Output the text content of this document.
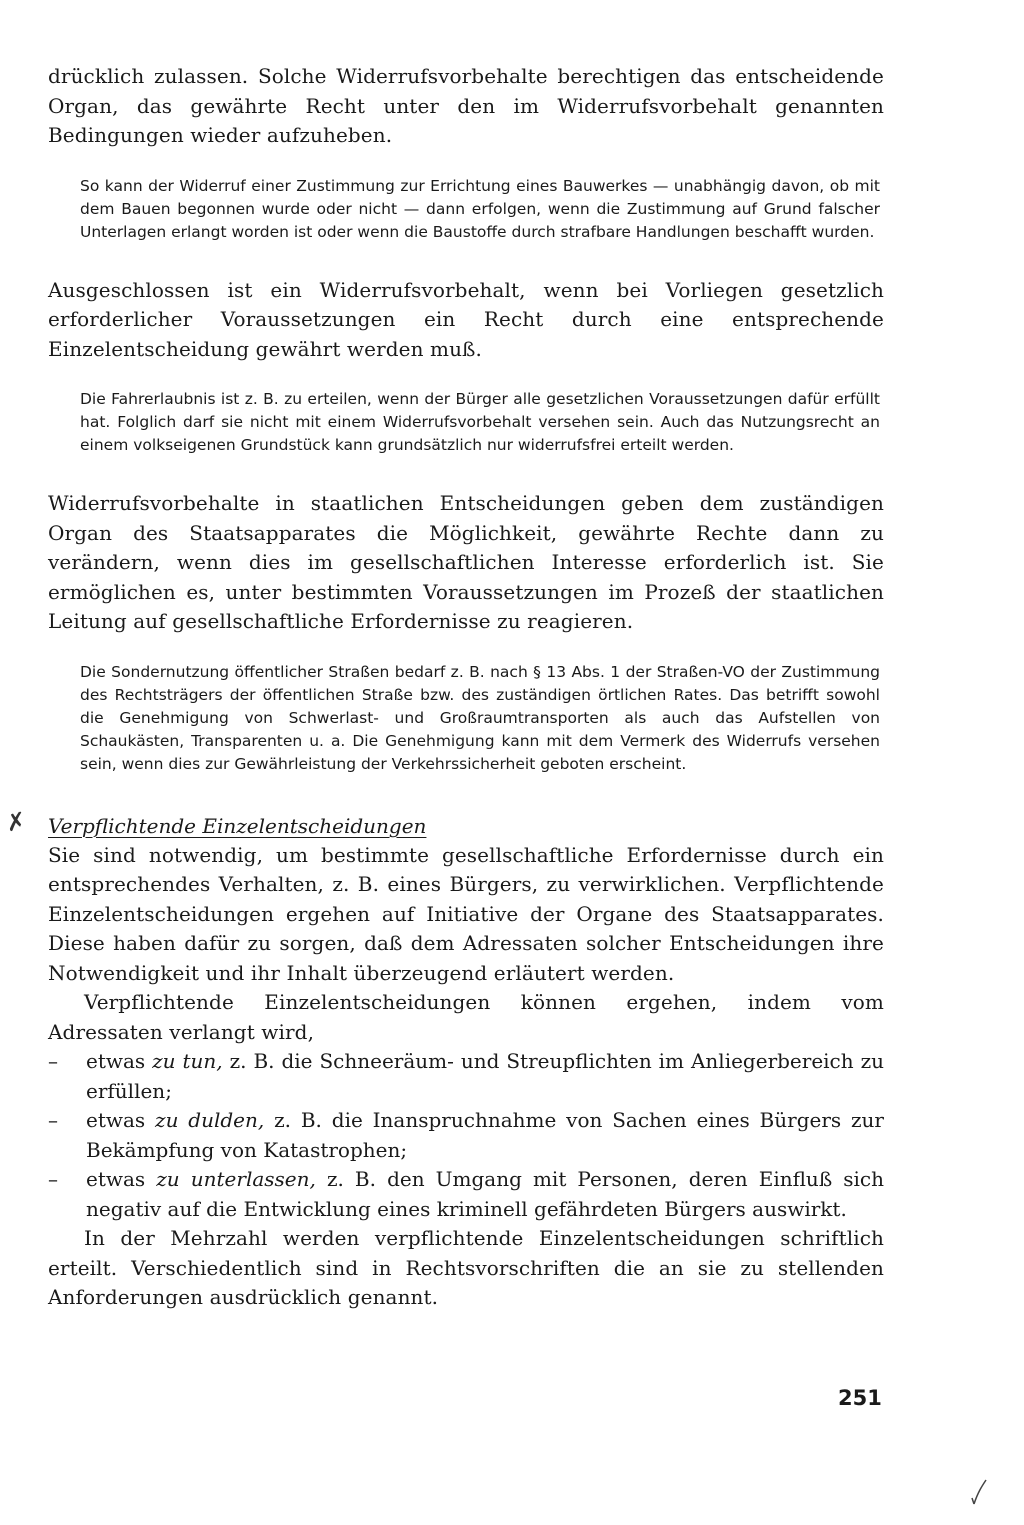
drücklich zulassen. Solche Widerrufsvorbehalte berechtigen das entscheidende Organ, das gewährte Recht unter den im Widerrufsvorbehalt genannten Bedingungen wieder aufzuheben.

So kann der Widerruf einer Zustimmung zur Errichtung eines Bauwerkes — unabhängig davon, ob mit dem Bauen begonnen wurde oder nicht — dann erfolgen, wenn die Zustimmung auf Grund falscher Unterlagen erlangt worden ist oder wenn die Baustoffe durch strafbare Handlungen beschafft wurden.

Ausgeschlossen ist ein Widerrufsvorbehalt, wenn bei Vorliegen gesetzlich erforderlicher Voraussetzungen ein Recht durch eine entsprechende Einzelentscheidung gewährt werden muß.

Die Fahrerlaubnis ist z. B. zu erteilen, wenn der Bürger alle gesetzlichen Voraussetzungen dafür erfüllt hat. Folglich darf sie nicht mit einem Widerrufsvorbehalt versehen sein. Auch das Nutzungsrecht an einem volkseigenen Grundstück kann grundsätzlich nur widerrufsfrei erteilt werden.

Widerrufsvorbehalte in staatlichen Entscheidungen geben dem zuständigen Organ des Staatsapparates die Möglichkeit, gewährte Rechte dann zu verändern, wenn dies im gesellschaftlichen Interesse erforderlich ist. Sie ermöglichen es, unter bestimmten Voraussetzungen im Prozeß der staatlichen Leitung auf gesellschaftliche Erfordernisse zu reagieren.

Die Sondernutzung öffentlicher Straßen bedarf z. B. nach § 13 Abs. 1 der Straßen-VO der Zustimmung des Rechtsträgers der öffentlichen Straße bzw. des zuständigen örtlichen Rates. Das betrifft sowohl die Genehmigung von Schwerlast- und Großraumtransporten als auch das Aufstellen von Schaukästen, Transparenten u. a. Die Genehmigung kann mit dem Vermerk des Widerrufs versehen sein, wenn dies zur Gewährleistung der Verkehrssicherheit geboten erscheint.

✗ Verpflichtende Einzelentscheidungen

Sie sind notwendig, um bestimmte gesellschaftliche Erfordernisse durch ein entsprechendes Verhalten, z. B. eines Bürgers, zu verwirklichen. Verpflichtende Einzelentscheidungen ergehen auf Initiative der Organe des Staatsapparates. Diese haben dafür zu sorgen, daß dem Adressaten solcher Entscheidungen ihre Notwendigkeit und ihr Inhalt überzeugend erläutert werden.

Verpflichtende Einzelentscheidungen können ergehen, indem vom Adressaten verlangt wird,

–	etwas zu tun, z. B. die Schneeräum- und Streupflichten im Anliegerbereich zu erfüllen;
–	etwas zu dulden, z. B. die Inanspruchnahme von Sachen eines Bürgers zur Bekämpfung von Katastrophen;
–	etwas zu unterlassen, z. B. den Umgang mit Personen, deren Einfluß sich negativ auf die Entwicklung eines kriminell gefährdeten Bürgers auswirkt.

In der Mehrzahl werden verpflichtende Einzelentscheidungen schriftlich erteilt. Verschiedentlich sind in Rechtsvorschriften die an sie zu stellenden Anforderungen ausdrücklich genannt.

251
